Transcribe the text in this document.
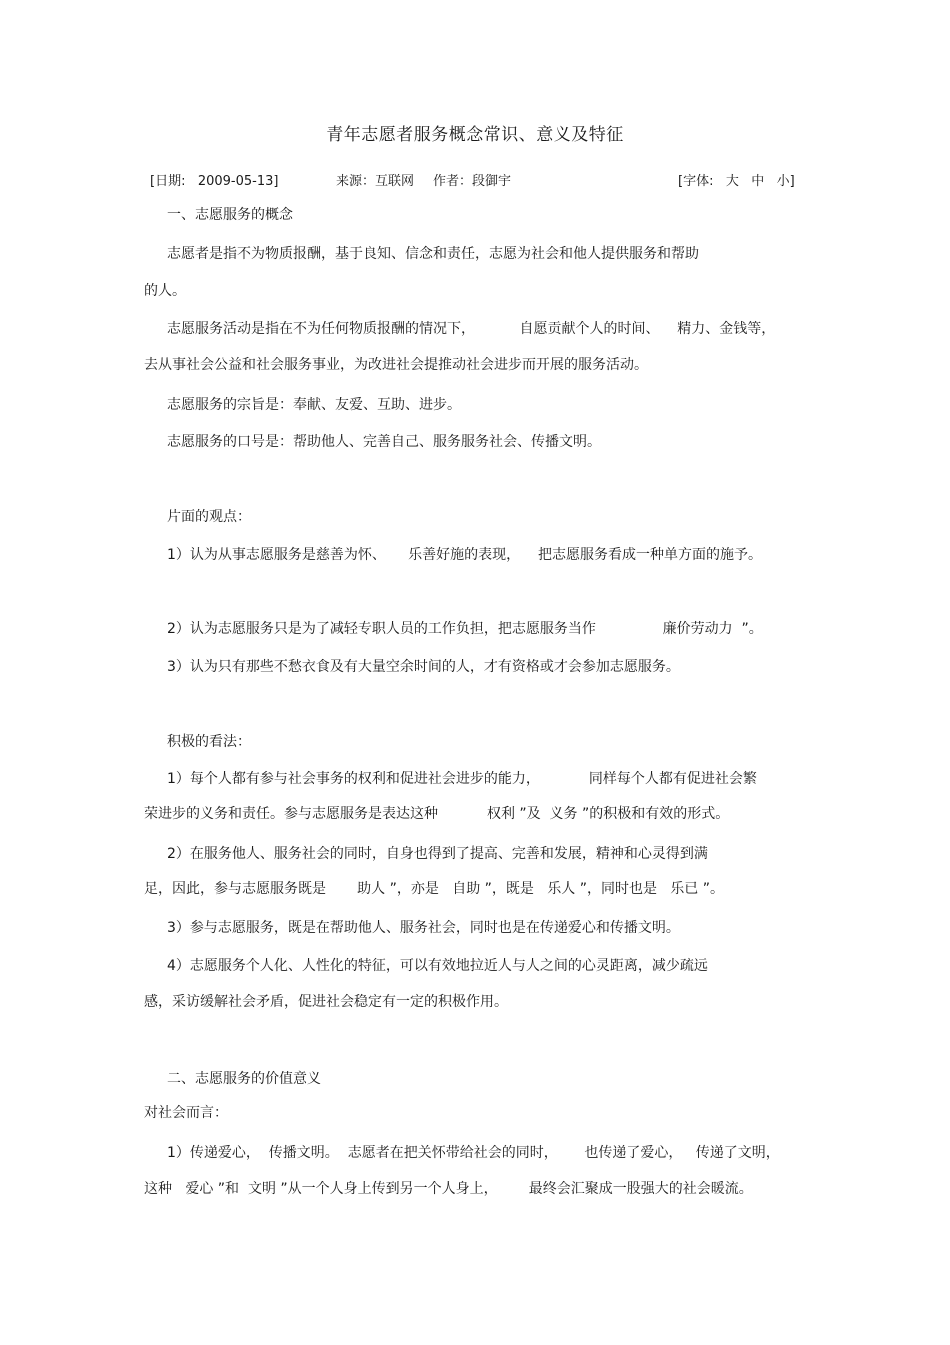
青年志愿者服务概念常识、意义及特征
[日期:   2009-05-13]	来源：互联网 作者：段御宇	[字体:   大   中   小]
一、志愿服务的概念
志愿者是指不为物质报酬，基于良知、信念和责任，志愿为社会和他人提供服务和帮助
的人。
志愿服务活动是指在不为任何物质报酬的情况下，          自愿贡献个人的时间、    精力、金钱等，
去从事社会公益和社会服务事业，为改进社会提推动社会进步而开展的服务活动。
志愿服务的宗旨是：奉献、友爱、互助、进步。
志愿服务的口号是：帮助他人、完善自己、服务服务社会、传播文明。
片面的观点：
1）认为从事志愿服务是慈善为怀、     乐善好施的表现，    把志愿服务看成一种单方面的施予。
2）认为志愿服务只是为了减轻专职人员的工作负担，把志愿服务当作               廉价劳动力  ”。
3）认为只有那些不愁衣食及有大量空余时间的人，才有资格或才会参加志愿服务。
积极的看法：
1）每个人都有参与社会事务的权利和促进社会进步的能力，           同样每个人都有促进社会繁
荣进步的义务和责任。参与志愿服务是表达这种           权利 ”及  义务 ”的积极和有效的形式。
2）在服务他人、服务社会的同时，自身也得到了提高、完善和发展，精神和心灵得到满
足，因此，参与志愿服务既是       助人 ”，亦是   自助 ”，既是   乐人 ”，同时也是   乐已 ”。
3）参与志愿服务，既是在帮助他人、服务社会，同时也是在传递爱心和传播文明。
4）志愿服务个人化、人性化的特征，可以有效地拉近人与人之间的心灵距离，减少疏远
感，采访缓解社会矛盾，促进社会稳定有一定的积极作用。
二、志愿服务的价值意义
对社会而言：
1）传递爱心，  传播文明。  志愿者在把关怀带给社会的同时，      也传递了爱心，   传递了文明，
这种   爱心 ”和  文明 ”从一个人身上传到另一个人身上，       最终会汇聚成一股强大的社会暖流。
